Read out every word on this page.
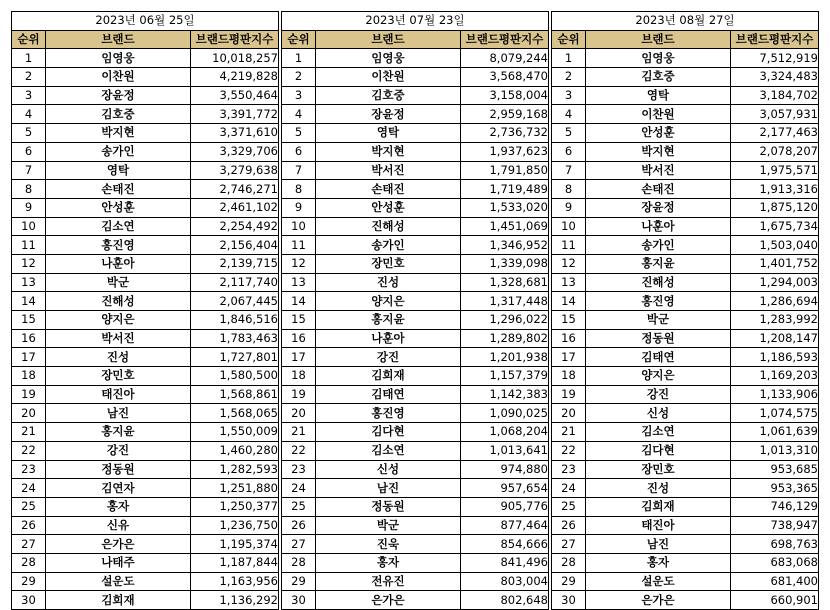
2023년 06월 25일		
순위	브랜드	브랜드평판지수
1	임영웅	10,018,257
2	이찬원	4,219,828
3	장윤정	3,550,464
4	김호중	3,391,772
5	박지현	3,371,610
6	송가인	3,329,706
7	영탁	3,279,638
8	손태진	2,746,271
9	안성훈	2,461,102
10	김소연	2,254,492
11	홍진영	2,156,404
12	나훈아	2,139,715
13	박군	2,117,740
14	진해성	2,067,445
15	양지은	1,846,516
16	박서진	1,783,463
17	진성	1,727,801
18	장민호	1,580,500
19	태진아	1,568,861
20	남진	1,568,065
21	홍지윤	1,550,009
22	강진	1,460,280
23	정동원	1,282,593
24	김연자	1,251,880
25	홍자	1,250,377
26	신유	1,236,750
27	은가은	1,195,374
28	나태주	1,187,844
29	설운도	1,163,956
30	김희재	1,136,292
2023년 07월 23일		
순위	브랜드	브랜드평판지수
1	임영웅	8,079,244
2	이찬원	3,568,470
3	김호중	3,158,004
4	장윤정	2,959,168
5	영탁	2,736,732
6	박지현	1,937,623
7	박서진	1,791,850
8	손태진	1,719,489
9	안성훈	1,533,020
10	진해성	1,451,069
11	송가인	1,346,952
12	장민호	1,339,098
13	진성	1,328,681
14	양지은	1,317,448
15	홍지윤	1,296,022
16	나훈아	1,289,802
17	강진	1,201,938
18	김희재	1,157,379
19	김태연	1,142,383
20	홍진영	1,090,025
21	김다현	1,068,204
22	김소연	1,013,641
23	신성	974,880
24	남진	957,654
25	정동원	905,776
26	박군	877,464
27	진욱	854,666
28	홍자	841,496
29	전유진	803,004
30	은가은	802,648
2023년 08월 27일		
순위	브랜드	브랜드평판지수
1	임영웅	7,512,919
2	김호중	3,324,483
3	영탁	3,184,702
4	이찬원	3,057,931
5	안성훈	2,177,463
6	박지현	2,078,207
7	박서진	1,975,571
8	손태진	1,913,316
9	장윤정	1,875,120
10	나훈아	1,675,734
11	송가인	1,503,040
12	홍지윤	1,401,752
13	진해성	1,294,003
14	홍진영	1,286,694
15	박군	1,283,992
16	정동원	1,208,147
17	김태연	1,186,593
18	양지은	1,169,203
19	강진	1,133,906
20	신성	1,074,575
21	김소연	1,061,639
22	김다현	1,013,310
23	장민호	953,685
24	진성	953,365
25	김희재	746,129
26	태진아	738,947
27	남진	698,763
28	홍자	683,068
29	설운도	681,400
30	은가은	660,901
